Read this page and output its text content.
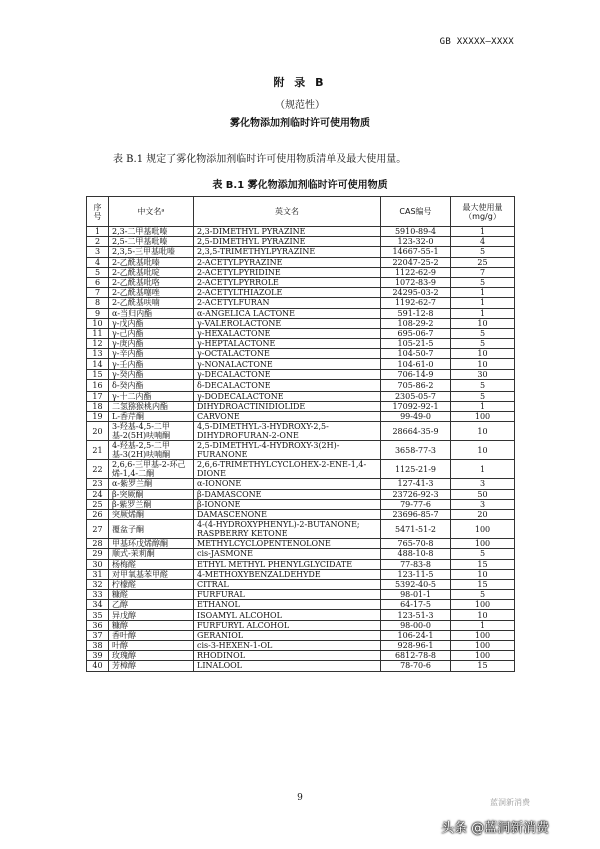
GB XXXXX—XXXX
附 录 B
（规范性）
雾化物添加剂临时许可使用物质
表 B.1 规定了雾化物添加剂临时许可使用物质清单及最大使用量。
表 B.1 雾化物添加剂临时许可使用物质
序号	中文名ᵃ	英文名	CAS编号	最大使用量（mg/g）
1	2,3-二甲基吡嗪	2,3-DIMETHYL PYRAZINE	5910-89-4	1
2	2,5-二甲基吡嗪	2,5-DIMETHYL PYRAZINE	123-32-0	4
3	2,3,5-三甲基吡嗪	2,3,5-TRIMETHYLPYRAZINE	14667-55-1	5
4	2-乙酰基吡嗪	2-ACETYLPYRAZINE	22047-25-2	25
5	2-乙酰基吡啶	2-ACETYLPYRIDINE	1122-62-9	7
6	2-乙酰基吡咯	2-ACETYLPYRROLE	1072-83-9	5
7	2-乙酰基噻唑	2-ACETYLTHIAZOLE	24295-03-2	1
8	2-乙酰基呋喃	2-ACETYLFURAN	1192-62-7	1
9	α-当归内酯	α-ANGELICA LACTONE	591-12-8	1
10	γ-戊内酯	γ-VALEROLACTONE	108-29-2	10
11	γ-己内酯	γ-HEXALACTONE	695-06-7	5
12	γ-庚内酯	γ-HEPTALACTONE	105-21-5	5
13	γ-辛内酯	γ-OCTALACTONE	104-50-7	10
14	γ-壬内酯	γ-NONALACTONE	104-61-0	10
15	γ-癸内酯	γ-DECALACTONE	706-14-9	30
16	δ-癸内酯	δ-DECALACTONE	705-86-2	5
17	γ-十二内酯	γ-DODECALACTONE	2305-05-7	5
18	二氢猕猴桃内酯	DIHYDROACTINIDIOLIDE	17092-92-1	1
19	L-香芹酮	CARVONE	99-49-0	100
20	3-羟基-4,5-二甲基-2(5H)呋喃酮	4,5-DIMETHYL-3-HYDROXY-2,5-DIHYDROFURAN-2-ONE	28664-35-9	10
21	4-羟基-2,5-二甲基-3(2H)呋喃酮	2,5-DIMETHYL-4-HYDROXY-3(2H)-FURANONE	3658-77-3	10
22	2,6,6-三甲基-2-环己烯-1,4-二酮	2,6,6-TRIMETHYLCYCLOHEX-2-ENE-1,4-DIONE	1125-21-9	1
23	α-紫罗兰酮	α-IONONE	127-41-3	3
24	β-突厥酮	β-DAMASCONE	23726-92-3	50
25	β-紫罗兰酮	β-IONONE	79-77-6	3
26	突厥烯酮	DAMASCENONE	23696-85-7	20
27	覆盆子酮	4-(4-HYDROXYPHENYL)-2-BUTANONE; RASPBERRY KETONE	5471-51-2	100
28	甲基环戊烯醇酮	METHYLCYCLOPENTENOLONE	765-70-8	100
29	顺式-茉莉酮	cis-JASMONE	488-10-8	5
30	杨梅醛	ETHYL METHYL PHENYLGLYCIDATE	77-83-8	15
31	对甲氧基苯甲醛	4-METHOXYBENZALDEHYDE	123-11-5	10
32	柠檬醛	CITRAL	5392-40-5	15
33	糠醛	FURFURAL	98-01-1	5
34	乙醇	ETHANOL	64-17-5	100
35	异戊醇	ISOAMYL ALCOHOL	123-51-3	10
36	糠醇	FURFURYL ALCOHOL	98-00-0	1
37	香叶醇	GERANIOL	106-24-1	100
38	叶醇	cis-3-HEXEN-1-OL	928-96-1	100
39	玫瑰醇	RHODINOL	6812-78-8	100
40	芳樟醇	LINALOOL	78-70-6	15
9	蓝洞新消费
头条 @蓝洞新消费
